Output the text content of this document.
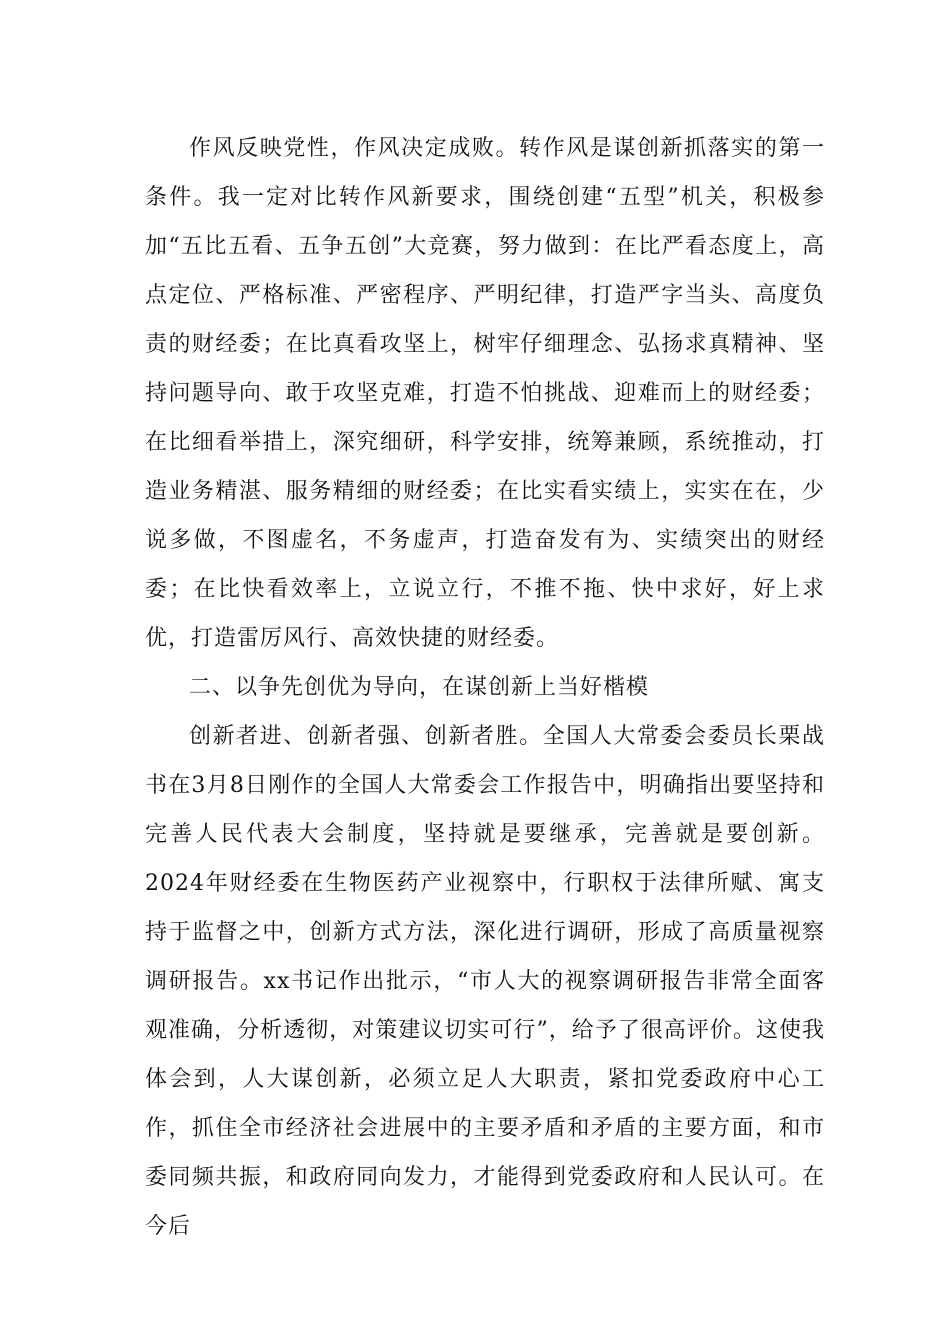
作风反映党性，作风决定成败。转作风是谋创新抓落实的第一条件。我一定对比转作风新要求，围绕创建“五型”机关，积极参加“五比五看、五争五创”大竞赛，努力做到：在比严看态度上，高点定位、严格标准、严密程序、严明纪律，打造严字当头、高度负责的财经委；在比真看攻坚上，树牢仔细理念、弘扬求真精神、坚持问题导向、敢于攻坚克难，打造不怕挑战、迎难而上的财经委；在比细看举措上，深究细研，科学安排，统筹兼顾，系统推动，打造业务精湛、服务精细的财经委；在比实看实绩上，实实在在，少说多做，不图虚名，不务虚声，打造奋发有为、实绩突出的财经委；在比快看效率上，立说立行，不推不拖、快中求好，好上求优，打造雷厉风行、高效快捷的财经委。

二、以争先创优为导向，在谋创新上当好楷模

创新者进、创新者强、创新者胜。全国人大常委会委员长栗战书在3月8日刚作的全国人大常委会工作报告中，明确指出要坚持和完善人民代表大会制度，坚持就是要继承，完善就是要创新。2024年财经委在生物医药产业视察中，行职权于法律所赋、寓支持于监督之中，创新方式方法，深化进行调研，形成了高质量视察调研报告。xx书记作出批示，“市人大的视察调研报告非常全面客观准确，分析透彻，对策建议切实可行”，给予了很高评价。这使我体会到，人大谋创新，必须立足人大职责，紧扣党委政府中心工作，抓住全市经济社会进展中的主要矛盾和矛盾的主要方面，和市委同频共振，和政府同向发力，才能得到党委政府和人民认可。在今后
